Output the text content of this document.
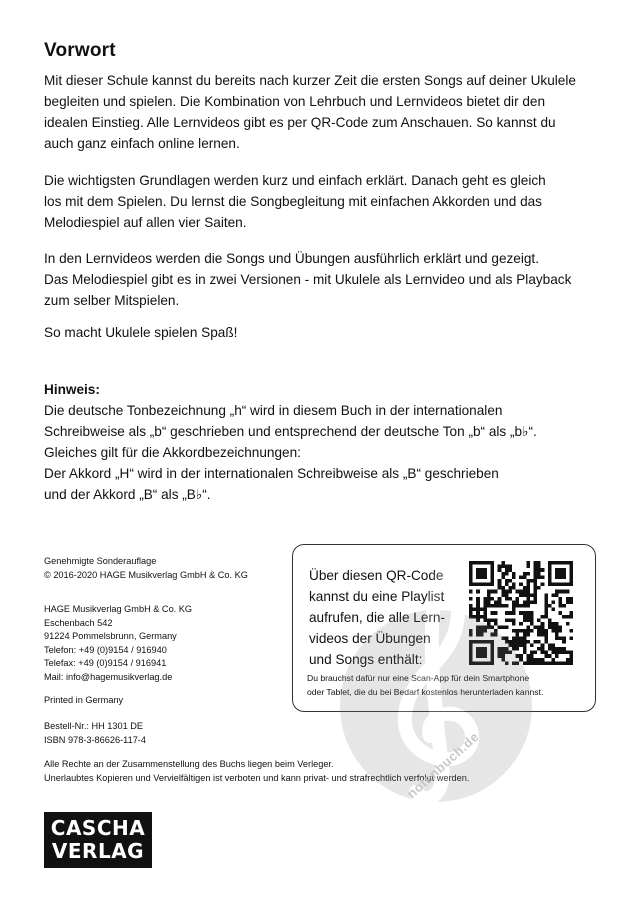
Vorwort

Mit dieser Schule kannst du bereits nach kurzer Zeit die ersten Songs auf deiner Ukulele
begleiten und spielen. Die Kombination von Lehrbuch und Lernvideos bietet dir den
idealen Einstieg. Alle Lernvideos gibt es per QR-Code zum Anschauen. So kannst du
auch ganz einfach online lernen.

Die wichtigsten Grundlagen werden kurz und einfach erklärt. Danach geht es gleich
los mit dem Spielen. Du lernst die Songbegleitung mit einfachen Akkorden und das
Melodiespiel auf allen vier Saiten.

In den Lernvideos werden die Songs und Übungen ausführlich erklärt und gezeigt.
Das Melodiespiel gibt es in zwei Versionen - mit Ukulele als Lernvideo und als Playback
zum selber Mitspielen.

So macht Ukulele spielen Spaß!

Hinweis:

Die deutsche Tonbezeichnung „h“ wird in diesem Buch in der internationalen
Schreibweise als „b“ geschrieben und entsprechend der deutsche Ton „b“ als „b♭“.
Gleiches gilt für die Akkordbezeichnungen:
Der Akkord „H“ wird in der internationalen Schreibweise als „B“ geschrieben
und der Akkord „B“ als „B♭“.

Genehmigte Sonderauflage
© 2016-2020 HAGE Musikverlag GmbH & Co. KG
HAGE Musikverlag GmbH & Co. KG
Eschenbach 542
91224 Pommelsbrunn, Germany
Telefon: +49 (0)9154 / 916940
Telefax: +49 (0)9154 / 916941
Mail: info@hagemusikverlag.de
Printed in Germany
Bestell-Nr.: HH 1301 DE
ISBN 978-3-86626-117-4
Alle Rechte an der Zusammenstellung des Buchs liegen beim Verleger.
Unerlaubtes Kopieren und Vervielfältigen ist verboten und kann privat- und strafrechtlich verfolgt werden.
Über diesen QR-Code
kannst du eine Playlist
aufrufen, die alle Lern-
videos der Übungen
und Songs enthält:
Du brauchst dafür nur eine Scan-App für dein Smartphone
oder Tablet, die du bei Bedarf kostenlos herunterladen kannst.
notenbuch.de
CASCHA
VERLAG
